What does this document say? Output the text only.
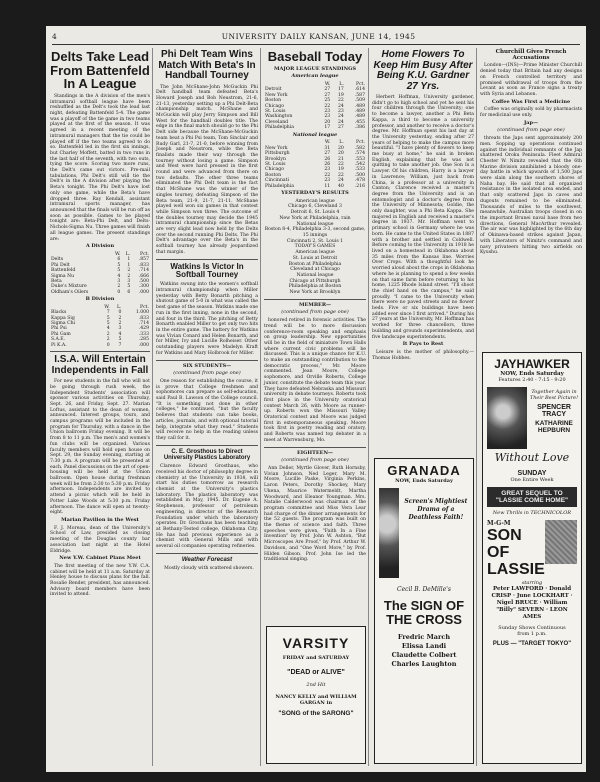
4	UNIVERSITY DAILY KANSAN, JUNE 14, 1945
Delts Take Lead From Battenfeld In A League

Standings in the A division of the men's intramural softball league have been reshuffled as the Delt's took the lead last night, defeating Battenfeld 5-4. The game was a playoff of the tie game in two teams played at the first of the season. It was agreed in a recent meeting of the intramural managers that the tie could be played off if the two teams agreed to do so. Battenfeld led in the first six innings, but Charley Moffett, batted in two runs in the last half of the seventh, with two outs, tying the score. Scoring two more runs, the Delt's came out victors. Pre-mail tabulations, Phi Delt's still will tie the Delt's in the A division after playing the Beta's tonight. The Phi Delt's have lost only one game, while the Beta's have dropped three. Ray Kendall, assistant intramural sports manager, has announced that the finals will be run off as soon as possible. Games to be played tonight are: Beta-Phi Delt, and Delts-Nichols-Sigma Nu. Three games will finish all league games. The present standings are:

A Division
	W.	L.	Pct.
Delts	6	1	.857
Phi Delt	5	1	.833
Battenfeld	5	2	.714
Sigma Nu	4	2	.666
Beta	3	3	.500
Duke's Mixture	2	5	.300
Oldham's Oilers	0	6	.000
B Division
	W.	L.	Pct.
Blacks	7	0	1.000
Kappa Sig	5	2	.833
Sigma Chi	5	2	.714
Phi Psi	4	3	.429
Phi Gam	2	4	.333
S.A.E.	2	5	.285
Pi K.A.	0	7	.000
I.S.A. Will Entertain Independents in Fall

For new students in the fall who will not be going through rush week, the Independent Students' association will sponsor various activities on Thursday, Sept. 26, and Friday, Sept. 27. Marian Loftus, assistant to the dean of women, announced. Interest groups, tours, and campus programs will be included in the program for Thursday, with a dance in the Union ballroom Friday evening. It will be from 8 to 11 p.m. The men's and women's fun clubs will be organized. Various faculty members will hold open house on Sept. 29, the Sunday evening, starting at 7:30 p.m. A program will be presented at each. Panel discussions on the art of open-housing will be held at the Union ballroom. Open house during freshman week will be from 2:30 to 5:30 p.m. Friday afternoon. Independents are invited to attend a picnic which will be held in Potter Lake Woods at 5:30 p.m. Friday afternoon. The dance will open at twenty-eight.

Marian Pavilion in the West

F. J. Moreau, dean of the University's School of Law, presided as closing meeting of the Douglas county bar association last night at the Hotel Eldridge.

New Y.W. Cabinet Plans Meet

The first meeting of the new Y.W. C.A. cabinet will be held at 11 a.m. Saturday at Henley house to discuss plans for the fall. Rosalie Bender, president, has announced. Advisory board members have been invited to attend.

Phi Delt Team Wins Match With Beta's In Handball Tourney

The John McShane-John McGuckin Phi Delt handball team defeated Beta's Howard Joseph and Bob Neustrom, 21-6, 21-13, yesterday setting up a Phi Delt-Beta championship match. McShane and McGuckin will play Jerry Simpson and Bill West for the handball doubles title. The edge in the final match should go to the Phi Delt side because the McShane-McGuckin team beat a Phi Psi team, Tom Sinclair and Rudy Garl, 21-7, 21-0, before winning from Joseph and Neustrom, while the Beta finalists made their way through the tourney without losing a game. Simpson and West were hard pressed in the first round and were advanced from there on two defaults. The other three teams eliminated the Phi Delt team is the fact that McShane was the winner of the singles tourney, defeating Simpson of the Beta team, 21-9, 21-7, 21-11. McShane played well won six games in that contest while Simpson won three. The outcome of the doubles tourney may decide the 1945 intramural championship since the Betas are very slight lead now held by the Delts over the second running Phi Delts. The Phi Delt's advantage over the Beta's in the softball tourney has already jeopardized that margin.

Watkins Is Victor In Softball Tourney

Watkins swung into the women's softball intramural championship when Miller yesterday with Betty Bonarth pitching a shutout game of 5-0 in what was called the best game of the season. Watkins made one run in the first inning, none in the second, and four in the third. The pitching of Betty Bonarth enabled Miller to get only two hits in the entire game. The battery for Watkins was Vivian Conard and Helen Bonarth, and for Miller, Ivy and Lucille Rolheiser. Other outstanding players were Madelyn Kraft for Watkins and Mary Holbrook for Miller.

SIX STUDENTS—
(continued from page one)

One reason for establishing the course, it is prove that College freshmen and sophomores can prepare as self-education, said Paul B. Lawson of the College council. "It is something not done in other colleges," he continued, "but the faculty believes that students can take books, articles, journals, and with optional tutorial help, integrate what they read." Students will receive no help in the reading unless they call for it.

C. E. Grosthous to Direct University Plastics Laboratory

Clarence Edward Grosthaus, who received his doctor of philosophy degree in chemistry at the University in 1938, will start his duties tomorrow as research chemist at the University's plastics laboratory. The plastics laboratory was established in May, 1945. Dr. Eugene A. Stephenson, professor of petroleum engineering, is director of the Research Foundation under which the laboratory operates. Dr. Grosthaus has been teaching at Bethany-Tested college, Oklahoma City. He has had previous experience as a chemist with General Mills and with several oil companies operating refineries.

Weather Forecast

Mostly cloudy with scattered showers.

Baseball Today
MAJOR LEAGUE STANDINGS
American league
	W.	L.	Pct.
Detroit	27	17	.614
New York	27	19	.587
Boston	25	22	.509
Chicago	22	24	.489
St. Louis	23	23	.489
Washington	23	24	.489
Cleveland	20	24	.455
Philadelphia	17	27	.386
National league
	W.	L.	Pct.
New York	31	20	.582
Pittsburgh	27	20	.574
Brooklyn	26	21	.553
St. Louis	26	22	.542
Chicago	23	19	.533
Boston	22	22	.500
Cincinnati	23	24	.478
Philadelphia	11	40	.216
YESTERDAY'S RESULTS
American league
Chicago 6, Cleveland 3
Detroit 6, St. Louis 4
New York at Philadelphia, rain
National league
Boston 8-4, Philadelphia 3-3, second game, 15 innings
Cincinnati 2, St. Louis 1
TODAY'S GAMES
American league
St. Louis at Detroit
Boston at Philadelphia
Cleveland at Chicago
National league
Chicago at Pittsburgh
Philadelphia at Boston
New York at Brooklyn
MEMBER—
(continued from page one)

honored retired in forensic activities. The trend will be to more discussion conference-room speaking and emphasis on group leadership. New opportunities will be in the field of miniature Town Halls where current civic problems will be discussed. This is a unique chance for K.U. to make an outstanding contribution to the democratic process," Mr. Moore commented. Jean Moore, College sophomore, and Orville Roberts, College junior, constitute the debate team this year. They have defeated Nebraska and Missouri university in debate tourneys. Roberts took first place in the University oratorical contest March 26, with Moore as runner-up. Roberts won the Missouri Valley Oratorical contest and Moore was judged first in extemporaneous speaking. Moore took first in poetry reading and oratory, and Roberts was named top debater in a meet at Warrensburg, Mo.

EIGHTEEN—
(continued from page one)

Ann Deller, Myrtle Glover, Ruth Hornsby, Vivian Johnson, Ned Leger, Mary M. Moore, Lucille Paske, Virginia Perkins, Laron Peters, Dorothy Shockey, Mary Ukena, Maurice Watermeldt, Martha Woodward, and Eleanor Youngman. Mrs. Natalie Calderwood was chairman of the program committee and Miss Vera Lear had charge of the dinner arrangements for the 52 guests. The program was built on the theme of science and faith. Three speeches were given, "Faith In a Fine Invention" by Prof. John W. Ashton, "But Microscopes Are Proof," by Prof. Arthur W. Davidson, and "One Word More," by Prof. Hilden Gibson. Prof. John Ise led the traditional singing.

VARSITY
FRIDAY and SATURDAY
"DEAD or ALIVE"
2nd Hit
NANCY KELLY and WILLIAM GARGAN in
"SONG of the SARONG"
Home Flowers To Keep Him Busy After Being K.U. Gardner 27 Yrs.

Herbert Hoffman, University gardener, didn't go to high school and yet he sent his four children through the University; one to become a lawyer, another a Phi Beta Kappa, a third to become a university professor, and another to receive a doctor's degree. Mr. Hoffman spent his last day at the University yesterday, ending after 27 years of helping to make the campus more beautiful. "I have plenty of flowers to keep me busy at home," he said in broken English, explaining that he was not quitting to take another job. One Son Is a Lawyer. Of his children, Harry is a lawyer in Lawrence; William, just back from China, is a professor at a university in Canton; Clarence received a master's degree from the University and is an entomologist and a doctor's degree from the University of Minnesota; Goldie, the only daughter, was a Phi Beta Kappa. She majored in English and received a master's degree in 1937. Mr. Hoffman went to primary school in Germany where he was born. He came to the United States in 1887 with a brother and settled in Coldwell. Before coming to the University in 1918 he lived on a homestead in Oklahoma about 35 miles from the Kansas line. Worries Over Crops. With a thoughtful look he worried aloud about the crops in Oklahoma where he is planning to spend a few weeks on that same farm before returning to his home, 1225 Rhode Island street. "I'll shoot the chief hand on the campus," he said proudly. "I came to the University when there were no paved streets and no flower beds. Five or six buildings have been added ever since I first arrived." During his 27 years at the University, Mr. Hoffman has worked for three chancellors, three building and grounds superintendents, and five landscape superintendents.

It Pays to Rest

Leisure is the mother of philosophy.—Thomas Hobbes.

GRANADA
NOW, Ends Saturday
Screen's Mightiest Drama of a Deathless Faith!
Cecil B. DeMille's
The SIGN OF THE CROSS
Fredric March
Elissa Landi
Claudette Colbert
Charles Laughton
Churchill Gives French Accusations

London—(INS)—Prime Minister Churchill denied today that Britain had any designs on French controlled territory and promised withdrawal of troops from the Levant as soon as France signs a treaty with Syria and Lebanon.

Coffee Was First a Medicine

Coffee was originally sold by pharmacists for medicinal use only.

Jap—
(continued from page one)

threats the Japs sent approximately 200 men. Sopping up operations continued against the individual remnants of the Jap shattered Oroku Peninsula. Fleet Admiral Chester W. Nimitz revealed that the 6th Marine division annihilated a bloody one-day battle in which upwards of 1,500 Japs were slain along the southern shores of Naha bay. He said that all organized resistance in the isolated area ended, and that only scattered Japs in caves and dugouts remained to be eliminated. Thousands of miles to the southwest, meanwhile, Australian troops closed in on the important Brunei naval base from two directions, General MacArthur revealed. The air war was highlighted by the 6th day of Okinawa-based strikes against Japan, with Liberators of Nimitz's command and navy privateers hitting two airfields on Kyushu.

JAYHAWKER
NOW, Ends Saturday
Features 2:40 - 7:15 - 9:20
Together Again in Their Best Picture!
SPENCER TRACY
KATHARINE HEPBURN
Without Love
SUNDAY
One Entire Week
GREAT SEQUEL TO "LASSIE COME HOME"
New Thrills in TECHNICOLOR
M-G-M
SON OF LASSIE
starring
Peter LAWFORD · Donald CRISP · June LOCKHART · Nigel BRUCE · William "Billy" SEVERN · LEON AMES
Sunday Shows Continuous from 1 p.m.
PLUS — "TARGET TOKYO"
